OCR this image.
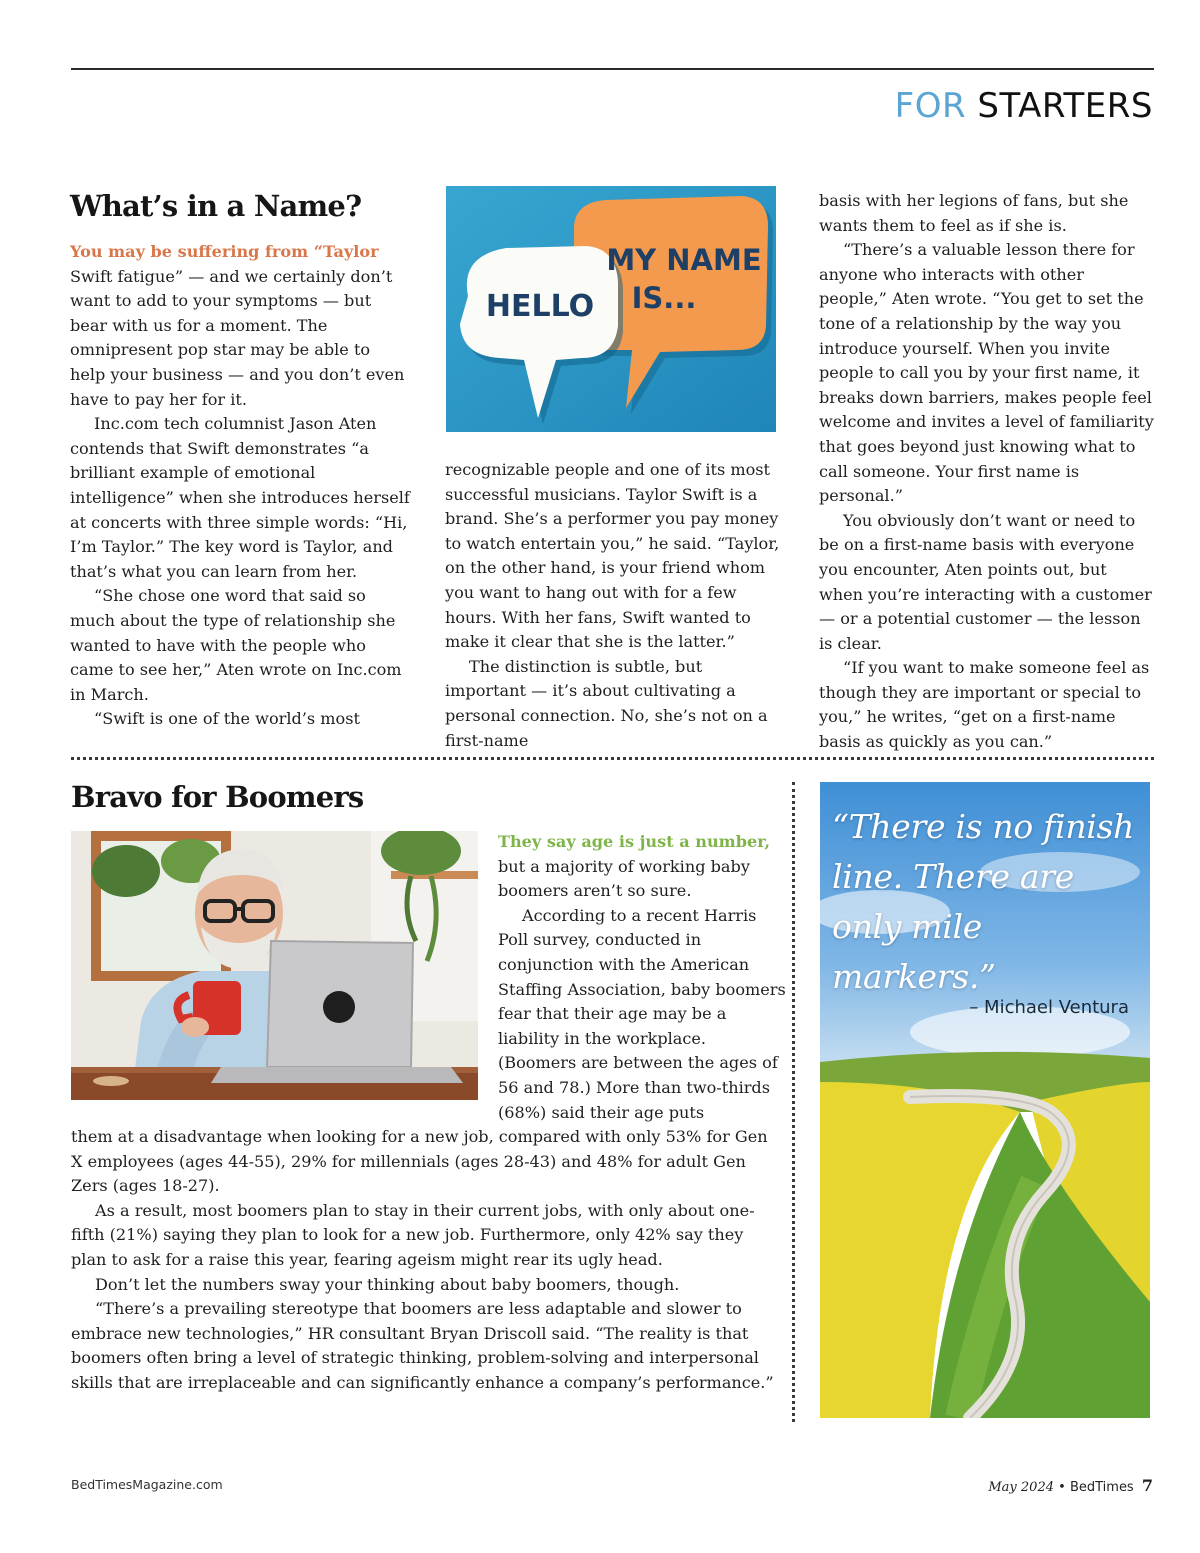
FOR STARTERS
What’s in a Name?

You may be suffering from “Taylor Swift fatigue” — and we certainly don’t want to add to your symptoms — but bear with us for a moment. The omnipresent pop star may be able to help your business — and you don’t even have to pay her for it.

Inc.com tech columnist Jason Aten contends that Swift demonstrates “a brilliant example of emotional intelligence” when she introduces herself at concerts with three simple words: “Hi, I’m Taylor.” The key word is Taylor, and that’s what you can learn from her.

“She chose one word that said so much about the type of relationship she wanted to have with the people who came to see her,” Aten wrote on Inc.com in March.

“Swift is one of the world’s most

HELLO
MY NAME
IS...

recognizable people and one of its most successful musicians. Taylor Swift is a brand. She’s a performer you pay money to watch entertain you,” he said. “Taylor, on the other hand, is your friend whom you want to hang out with for a few hours. With her fans, Swift wanted to make it clear that she is the latter.”

The distinction is subtle, but important — it’s about cultivating a personal connection. No, she’s not on a first-name

basis with her legions of fans, but she wants them to feel as if she is.

“There’s a valuable lesson there for anyone who interacts with other people,” Aten wrote. “You get to set the tone of a relationship by the way you introduce yourself. When you invite people to call you by your first name, it breaks down barriers, makes people feel welcome and invites a level of familiarity that goes beyond just knowing what to call someone. Your first name is personal.”

You obviously don’t want or need to be on a first-name basis with everyone you encounter, Aten points out, but when you’re interacting with a customer — or a potential customer — the lesson is clear.

“If you want to make someone feel as though they are important or special to you,” he writes, “get on a first-name basis as quickly as you can.”

Bravo for Boomers

They say age is just a number, but a majority of working baby boomers aren’t so sure.

According to a recent Harris Poll survey, conducted in conjunction with the American Staffing Association, baby boomers fear that their age may be a liability in the workplace. (Boomers are between the ages of 56 and 78.) More than two-thirds (68%) said their age puts

them at a disadvantage when looking for a new job, compared with only 53% for Gen X employees (ages 44-55), 29% for millennials (ages 28-43) and 48% for adult Gen Zers (ages 18-27).

As a result, most boomers plan to stay in their current jobs, with only about one-fifth (21%) saying they plan to look for a new job. Furthermore, only 42% say they plan to ask for a raise this year, fearing ageism might rear its ugly head.

Don’t let the numbers sway your thinking about baby boomers, though.

“There’s a prevailing stereotype that boomers are less adaptable and slower to embrace new technologies,” HR consultant Bryan Driscoll said. “The reality is that boomers often bring a level of strategic thinking, problem-solving and interpersonal skills that are irreplaceable and can significantly enhance a company’s performance.”

“There is no finish line. There are only mile markers.”
– Michael Ventura
BedTimesMagazine.com	May 2024 • BedTimes 7
